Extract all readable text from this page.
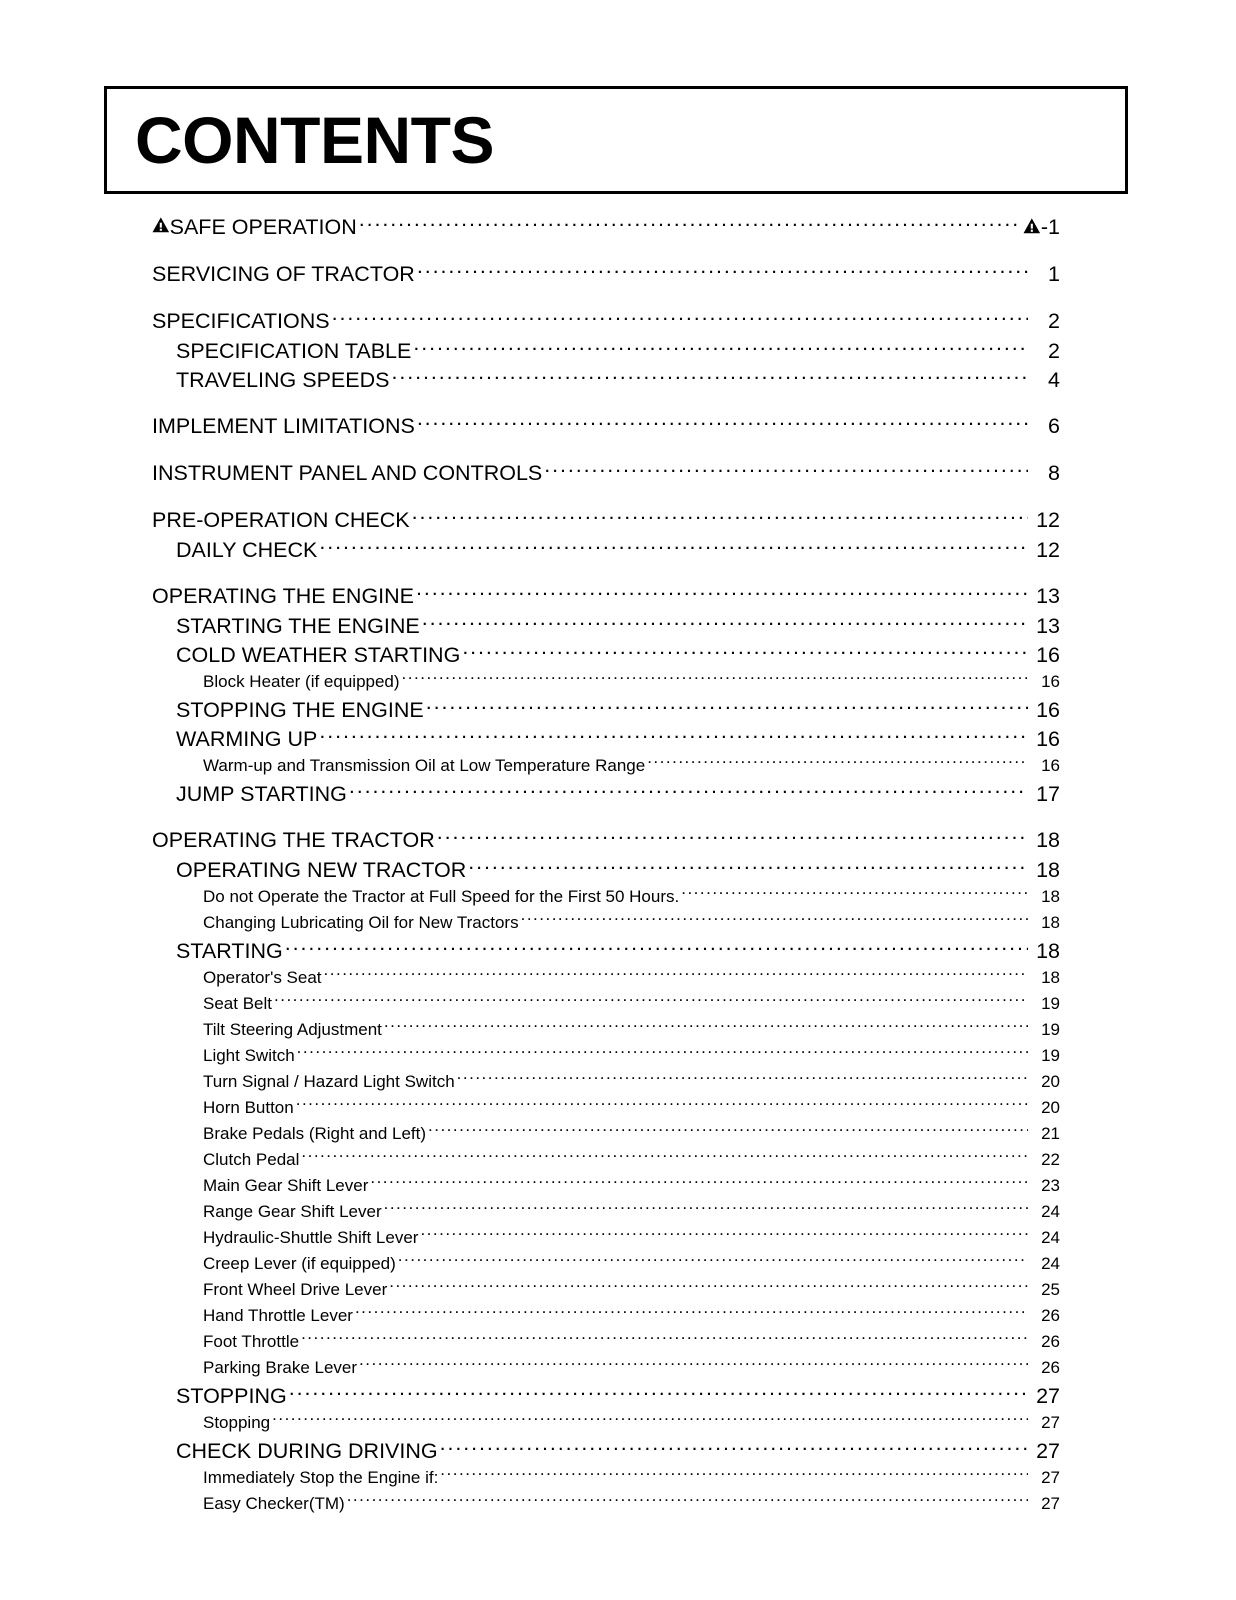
CONTENTS
SAFE OPERATION .....	-1
SERVICING OF TRACTOR .....	1
SPECIFICATIONS .....	2
SPECIFICATION TABLE .....	2
TRAVELING SPEEDS .....	4
IMPLEMENT LIMITATIONS .....	6
INSTRUMENT PANEL AND CONTROLS .....	8
PRE-OPERATION CHECK .....	12
DAILY CHECK .....	12
OPERATING THE ENGINE .....	13
STARTING THE ENGINE .....	13
COLD WEATHER STARTING .....	16
Block Heater (if equipped) .....	16
STOPPING THE ENGINE .....	16
WARMING UP .....	16
Warm-up and Transmission Oil at Low Temperature Range .....	16
JUMP STARTING .....	17
OPERATING THE TRACTOR .....	18
OPERATING NEW TRACTOR .....	18
Do not Operate the Tractor at Full Speed for the First 50 Hours. .....	18
Changing Lubricating Oil for New Tractors .....	18
STARTING .....	18
Operator's Seat .....	18
Seat Belt .....	19
Tilt Steering Adjustment .....	19
Light Switch .....	19
Turn Signal / Hazard Light Switch .....	20
Horn Button .....	20
Brake Pedals (Right and Left) .....	21
Clutch Pedal .....	22
Main Gear Shift Lever .....	23
Range Gear Shift Lever .....	24
Hydraulic-Shuttle Shift Lever .....	24
Creep Lever (if equipped) .....	24
Front Wheel Drive Lever .....	25
Hand Throttle Lever .....	26
Foot Throttle .....	26
Parking Brake Lever .....	26
STOPPING .....	27
Stopping .....	27
CHECK DURING DRIVING .....	27
Immediately Stop the Engine if: .....	27
Easy Checker(TM) .....	27
